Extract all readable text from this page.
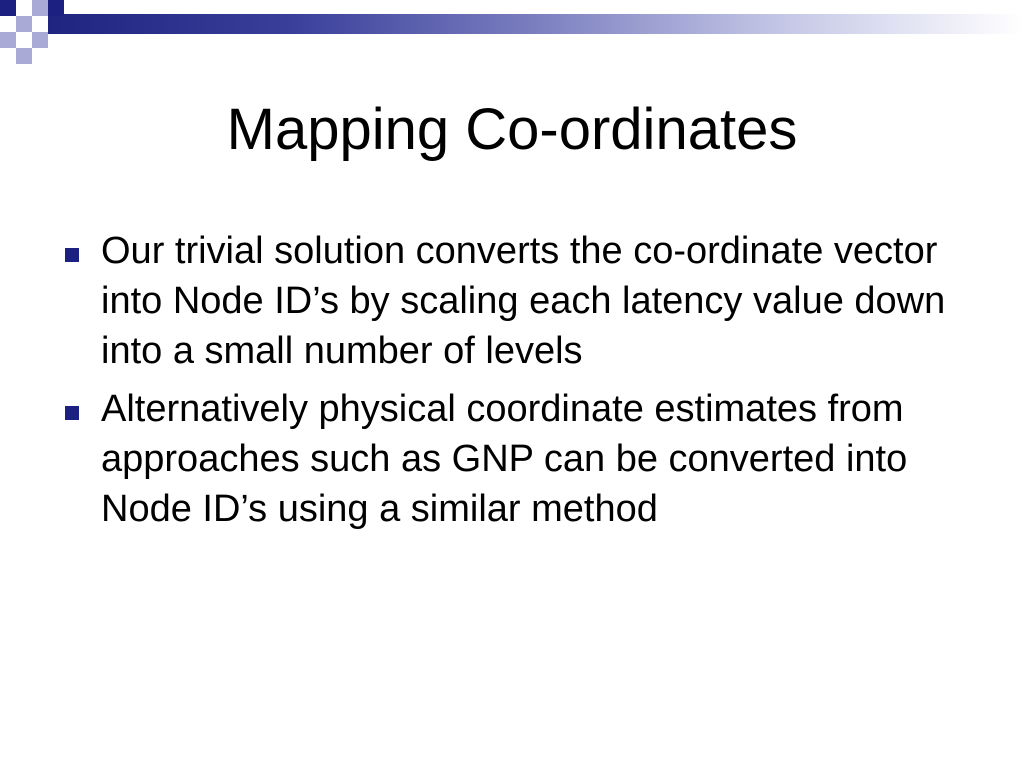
Mapping Co-ordinates
Our trivial solution converts the co-ordinate vector into Node ID’s by scaling each latency value down into a small number of levels
Alternatively physical coordinate estimates from approaches such as GNP can be converted into Node ID’s using a similar method
